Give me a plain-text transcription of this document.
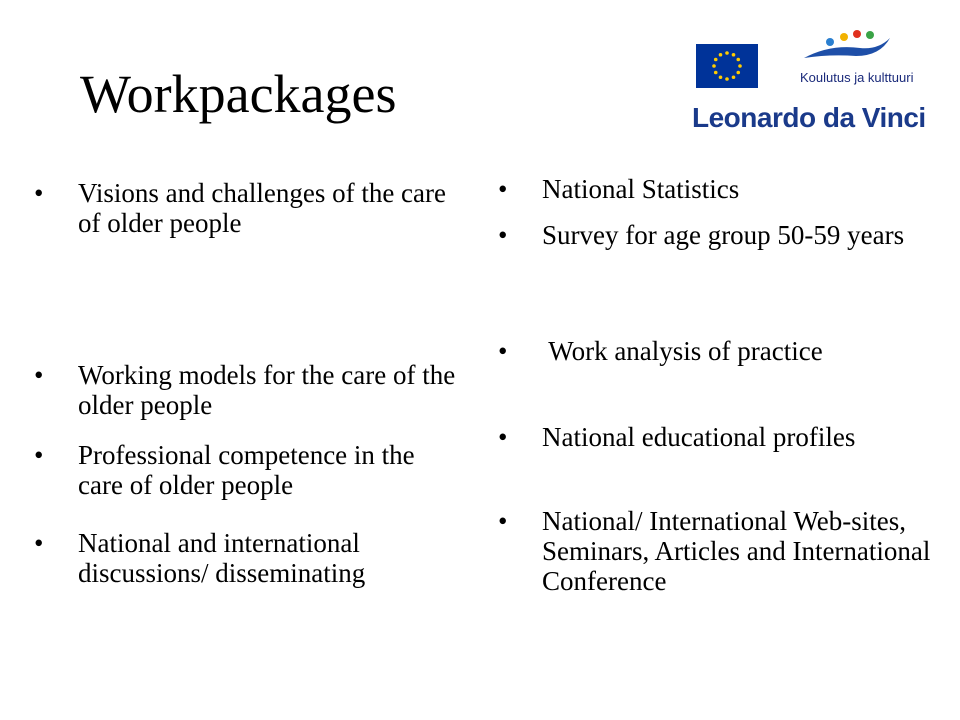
Workpackages	Koulutus ja kulttuuri
Leonardo da Vinci
• Visions and challenges of the care of older people
• Working models for the care of the older people
• Professional competence in the care of older people
• National and international discussions/ disseminating
• National Statistics
• Survey for age group 50-59 years
•  Work analysis of practice
• National educational profiles
• National/ International Web-sites, Seminars, Articles and International Conference
